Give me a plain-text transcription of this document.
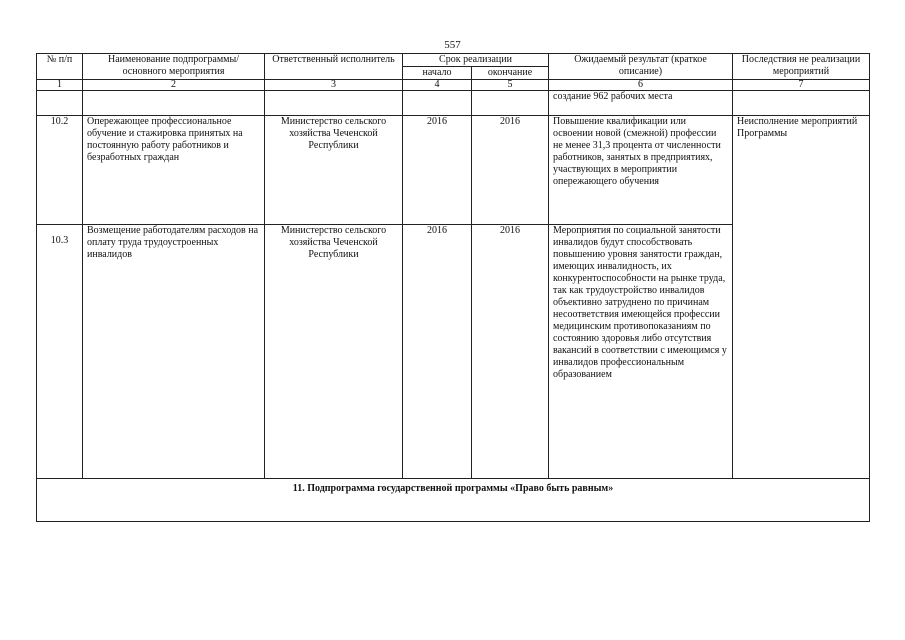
557
№ п/п	Наименование подпрограммы/ основного мероприятия	Ответственный исполнитель	Срок реализации		Ожидаемый результат (краткое описание)	Последствия не реализации мероприятий
			начало	окончание		
1	2	3	4	5	6	7
					создание 962 рабочих места	
10.2	Опережающее профессиональное обучение и стажировка принятых на постоянную работу работников и безработных граждан	Министерство сельского хозяйства Чеченской Республики	2016	2016	Повышение квалификации или освоении новой (смежной) профессии не менее 31,3 процента от численности работников, занятых в предприятиях, участвующих в мероприятии опережающего обучения	Неисполнение мероприятий Программы
10.3	Возмещение работодателям расходов на оплату труда трудоустроенных инвалидов	Министерство сельского хозяйства Чеченской Республики	2016	2016	Мероприятия по социальной занятости инвалидов будут способствовать повышению уровня занятости граждан, имеющих инвалидность, их конкурентоспособности на рынке труда, так как трудоустройство инвалидов объективно затруднено по причинам несоответствия имеющейся профессии медицинским противопоказаниям по состоянию здоровья либо отсутствия вакансий в соответствии с имеющимся у инвалидов профессиональным образованием	
11. Подпрограмма государственной программы «Право быть равным»						
